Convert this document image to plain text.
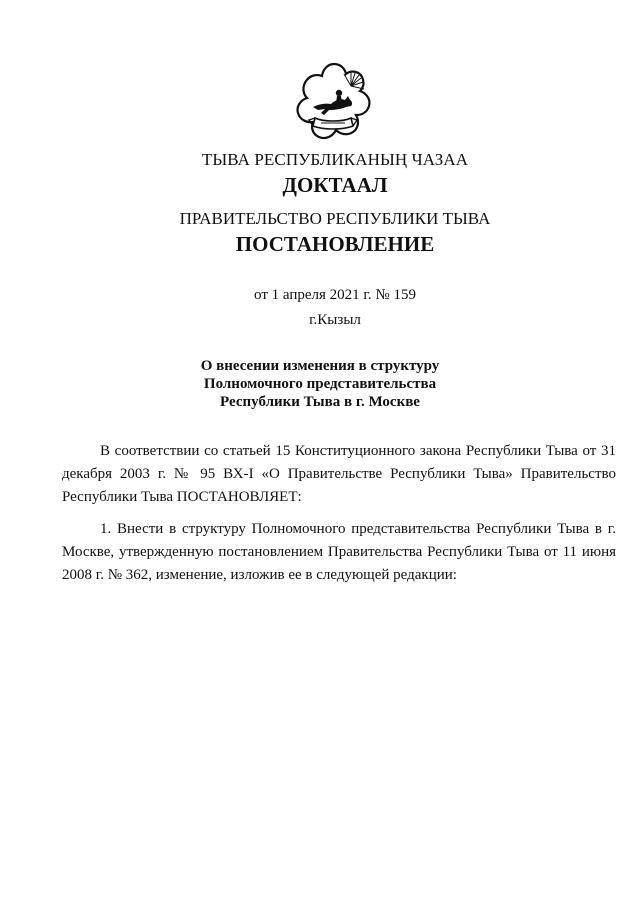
ТЫВА РЕСПУБЛИКАНЫҢ ЧАЗАА
ДОКТААЛ
ПРАВИТЕЛЬСТВО РЕСПУБЛИКИ ТЫВА
ПОСТАНОВЛЕНИЕ
от 1 апреля 2021 г. № 159
г.Кызыл
О внесении изменения в структуру
Полномочного представительства
Республики Тыва в г. Москве
В соответствии со статьей 15 Конституционного закона Республики Тыва от 31 декабря 2003 г. № 95 ВХ-I «О Правительстве Республики Тыва» Правительство Республики Тыва ПОСТАНОВЛЯЕТ:
1. Внести в структуру Полномочного представительства Республики Тыва в г. Москве, утвержденную постановлением Правительства Республики Тыва от 11 июня 2008 г. № 362, изменение, изложив ее в следующей редакции:
